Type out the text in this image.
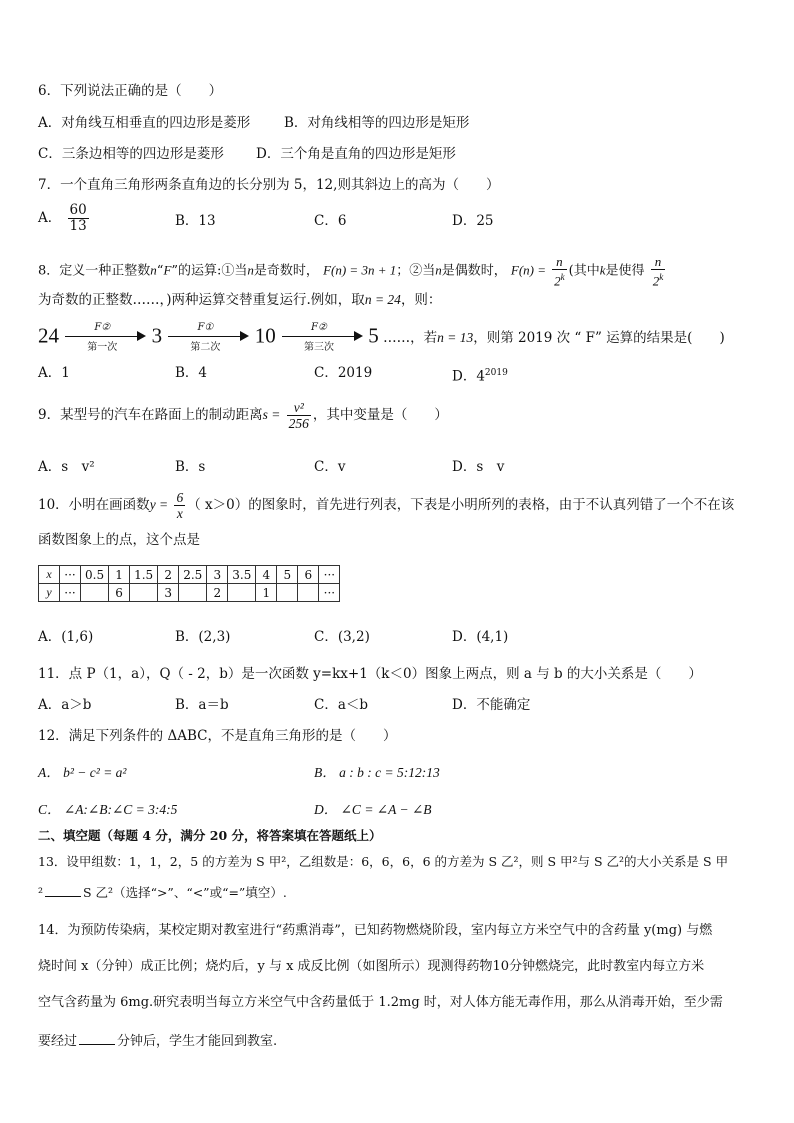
6．下列说法正确的是（　　）
A．对角线互相垂直的四边形是菱形	B．对角线相等的四边形是矩形
C．三条边相等的四边形是菱形 D．三个角是直角的四边形是矩形
7．一个直角三角形两条直角边的长分别为 5，12,则其斜边上的高为（　　）
A． $\frac{60}{13}$	B．13	C．6	D．25
8．定义一种正整数n“F”的运算:①当n是奇数时， F(n) = 3n + 1；②当n是偶数时， $F(n) = \frac{n}{2^k}$ (其中k是使得 $\frac{n}{2^k}$
为奇数的正整数……，)两种运算交替重复运行.例如，取n = 24，则：
24	F②
第一次	3	F①
第二次	10	F②
第三次	5 ……，若n = 13，则第 2019 次 “ F” 运算的结果是(　　)
A．1	B．4	C．2019	D．$4^{2019}$
9．某型号的汽车在路面上的制动距离$s = \frac{\text{v²}}{256}$ ，其中变量是（　　）
A．s　v²	B．s	C．v	D．s　v
10．小明在画函数$y = \frac{6}{x}$ （ x＞0）的图象时，首先进行列表，下表是小明所列的表格，由于不认真列错了一个不在该
函数图象上的点，这个点是
x	···	0.5	1	1.5	2	2.5	3	3.5	4	5	6	···
y	···		6		3		2		1			···
A．(1,6)	B．(2,3)	C．(3,2)	D．(4,1)
11．点 P（1，a），Q（ - 2，b）是一次函数 y=kx+1（k＜0）图象上两点，则 a 与 b 的大小关系是（　　）
A．a＞b	B．a＝b	C．a＜b	D．不能确定
12．满足下列条件的 ΔABC，不是直角三角形的是（　　）
A． b² − c² = a²	B． a : b : c = 5:12:13
C． ∠A:∠B:∠C = 3:4:5	D． ∠C = ∠A − ∠B
二、填空题（每题 4 分，满分 20 分，将答案填在答题纸上）
13．设甲组数：1，1，2，5 的方差为 S 甲²，乙组数是：6，6，6，6 的方差为 S 乙²，则 S 甲²与 S 乙²的大小关系是 S 甲
²	S 乙²（选择“>”、“<”或“=”填空）.
14．为预防传染病，某校定期对教室进行“药熏消毒”，已知药物燃烧阶段，室内每立方米空气中的含药量 y(mg) 与燃
烧时间 x（分钟）成正比例；烧灼后，y 与 x 成反比例（如图所示）现测得药物10分钟燃烧完，此时教室内每立方米
空气含药量为 6mg.研究表明当每立方米空气中含药量低于 1.2mg 时，对人体方能无毒作用，那么从消毒开始，至少需
要经过	分钟后，学生才能回到教室.
